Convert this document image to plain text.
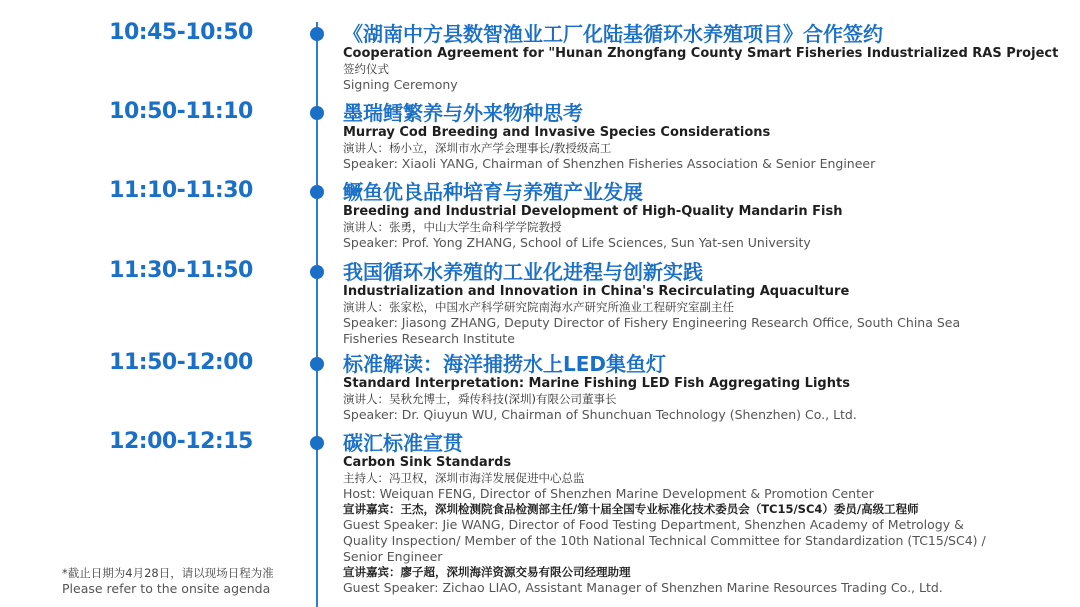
10:45-10:50	《湖南中方县数智渔业工厂化陆基循环水养殖项目》合作签约
Cooperation Agreement for "Hunan Zhongfang County Smart Fisheries Industrialized RAS Project
签约仪式
Signing Ceremony
10:50-11:10	墨瑞鳕繁养与外来物种思考
Murray Cod Breeding and Invasive Species Considerations
演讲人：杨小立，深圳市水产学会理事长/教授级高工
Speaker: Xiaoli YANG, Chairman of Shenzhen Fisheries Association & Senior Engineer
11:10-11:30	鳜鱼优良品种培育与养殖产业发展
Breeding and Industrial Development of High-Quality Mandarin Fish
演讲人：张勇，中山大学生命科学学院教授
Speaker: Prof. Yong ZHANG, School of Life Sciences, Sun Yat-sen University
11:30-11:50	我国循环水养殖的工业化进程与创新实践
Industrialization and Innovation in China's Recirculating Aquaculture
演讲人：张家松，中国水产科学研究院南海水产研究所渔业工程研究室副主任
Speaker: Jiasong ZHANG, Deputy Director of Fishery Engineering Research Office, South China Sea Fisheries Research Institute
11:50-12:00	标准解读：海洋捕捞水上LED集鱼灯
Standard Interpretation: Marine Fishing LED Fish Aggregating Lights
演讲人：吴秋允博士，舜传科技(深圳)有限公司董事长
Speaker: Dr. Qiuyun WU, Chairman of Shunchuan Technology (Shenzhen) Co., Ltd.
12:00-12:15	碳汇标准宣贯
Carbon Sink Standards
主持人：冯卫权，深圳市海洋发展促进中心总监
Host: Weiquan FENG, Director of Shenzhen Marine Development & Promotion Center
宣讲嘉宾：王杰，深圳检测院食品检测部主任/第十届全国专业标准化技术委员会（TC15/SC4）委员/高级工程师
Guest Speaker: Jie WANG, Director of Food Testing Department, Shenzhen Academy of Metrology & Quality Inspection/ Member of the 10th National Technical Committee for Standardization (TC15/SC4) / Senior Engineer
宣讲嘉宾：廖子超，深圳海洋资源交易有限公司经理助理
Guest Speaker: Zichao LIAO, Assistant Manager of Shenzhen Marine Resources Trading Co., Ltd.
*截止日期为4月28日，请以现场日程为准
Please refer to the onsite agenda
